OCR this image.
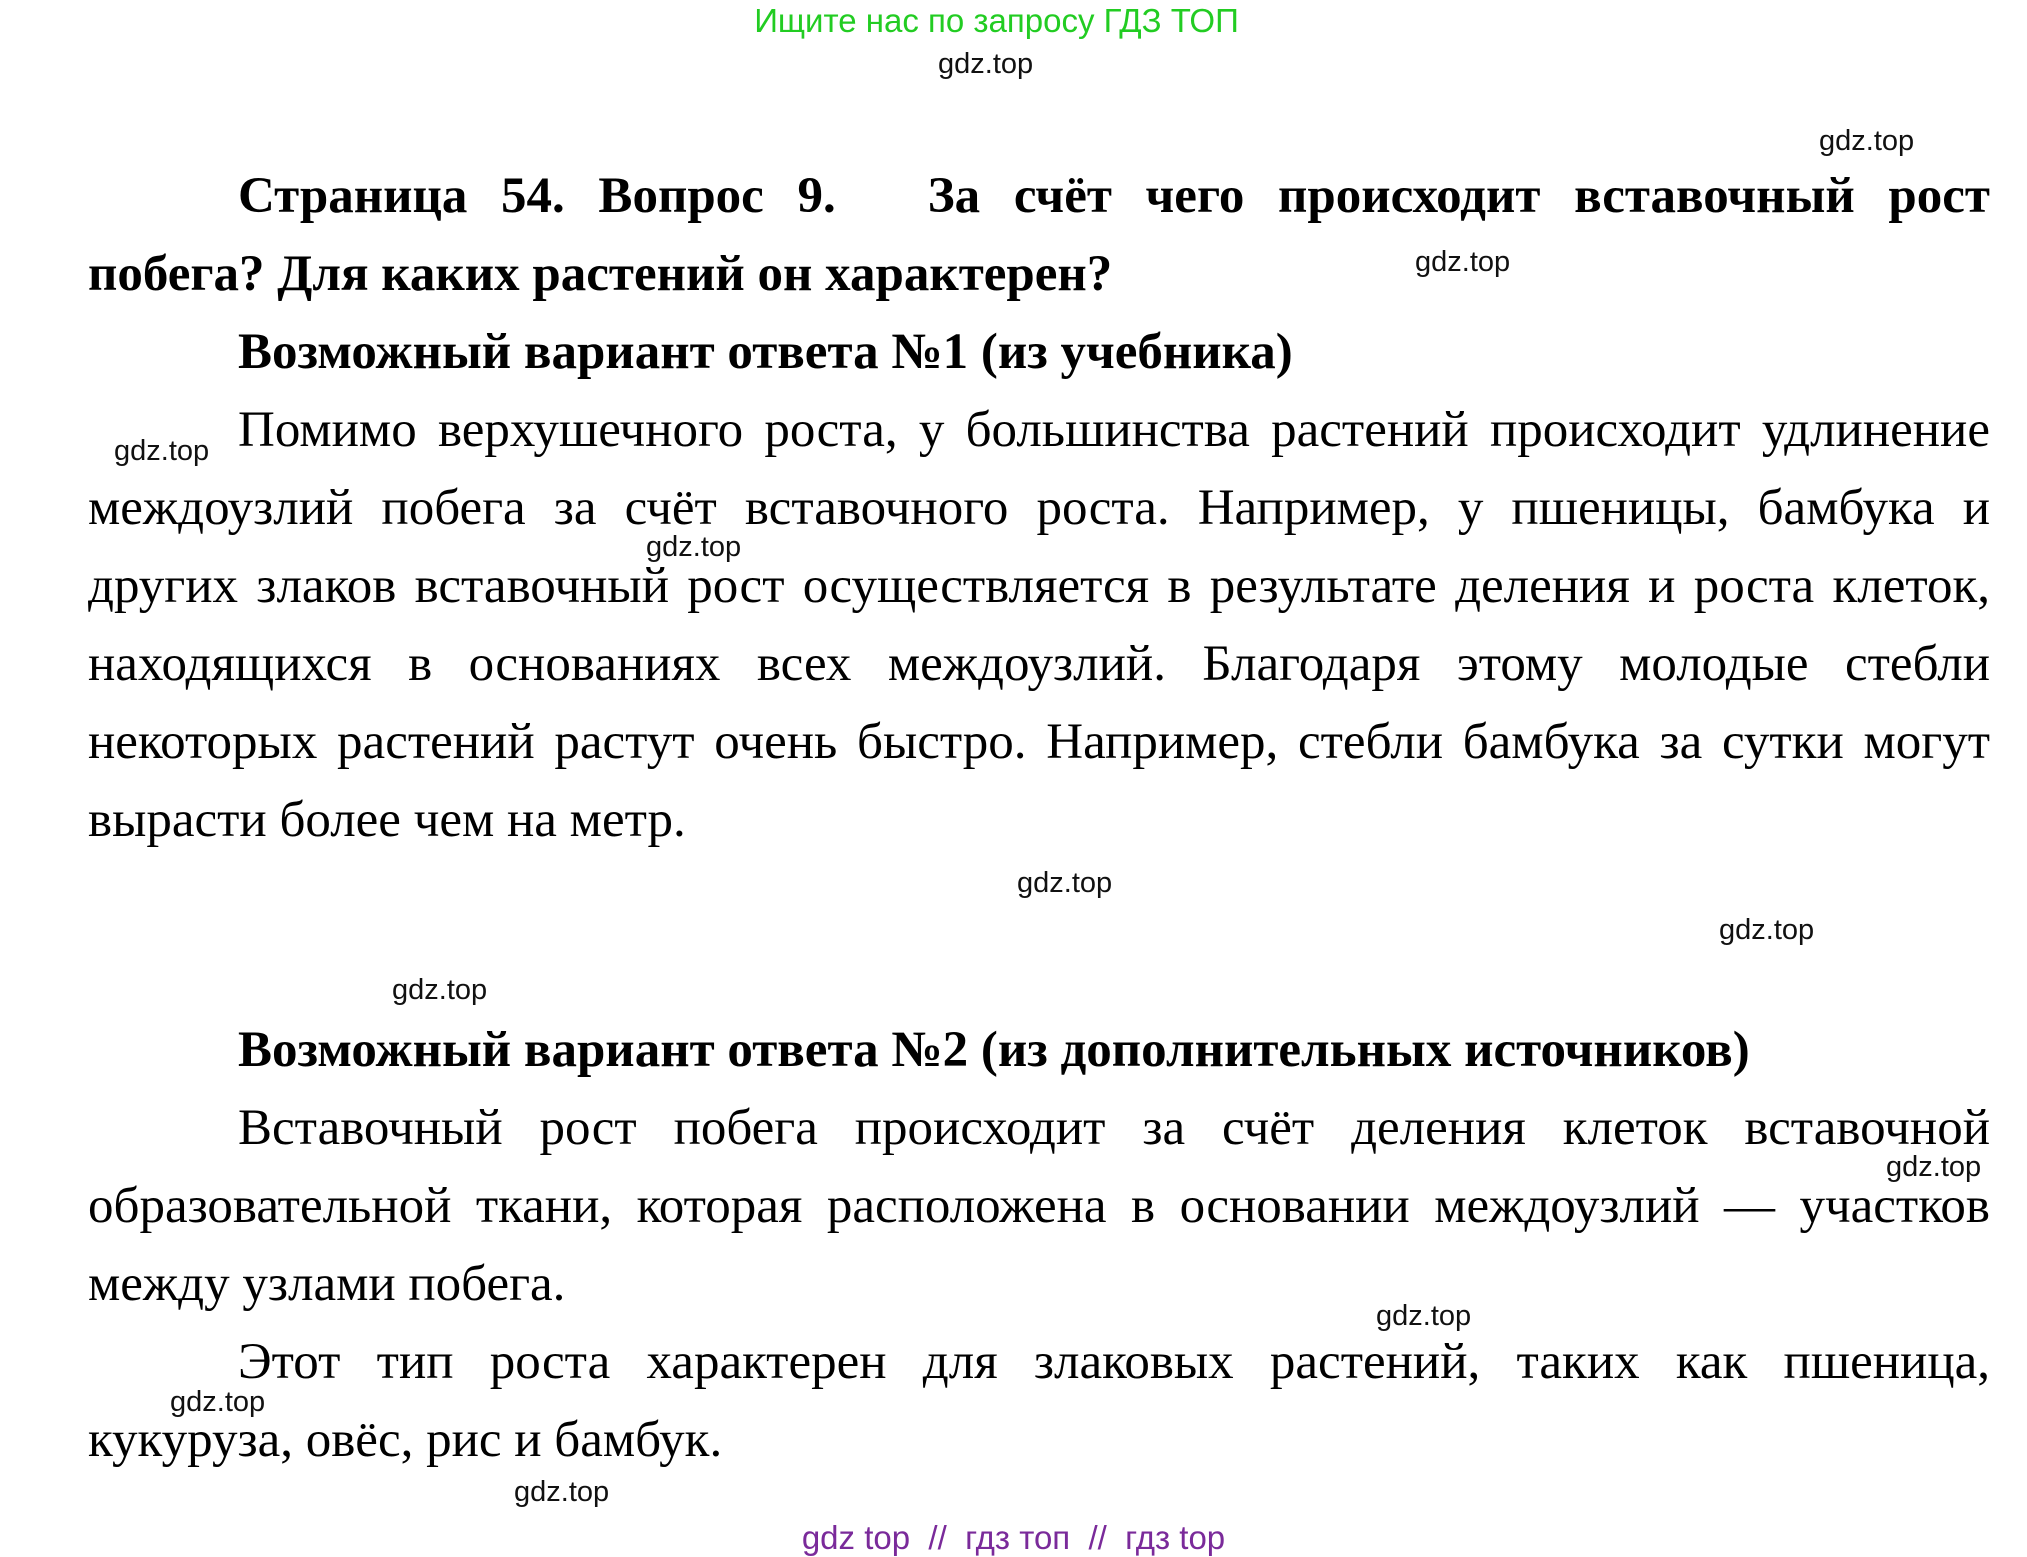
Ищите нас по запросу ГДЗ ТОП
gdz.top
gdz.top
gdz.top
gdz.top
gdz.top
gdz.top
gdz.top
gdz.top
gdz.top
gdz.top
gdz.top
gdz.top
Страница 54. Вопрос 9. За счёт чего происходит вставочный рост побега? Для каких растений он характерен?
Возможный вариант ответа №1 (из учебника)
Помимо верхушечного роста, у большинства растений происходит удлинение междоузлий побега за счёт вставочного роста. Например, у пшеницы, бамбука и других злаков вставочный рост осуществляется в результате деления и роста клеток, находящихся в основаниях всех междоузлий. Благодаря этому молодые стебли некоторых растений растут очень быстро. Например, стебли бамбука за сутки могут вырасти более чем на метр.
Возможный вариант ответа №2 (из дополнительных источников)
Вставочный рост побега происходит за счёт деления клеток вставочной образовательной ткани, которая расположена в основании междоузлий — участков между узлами побега.
Этот тип роста характерен для злаковых растений, таких как пшеница, кукуруза, овёс, рис и бамбук.
gdz top  //  гдз топ  //  гдз top
